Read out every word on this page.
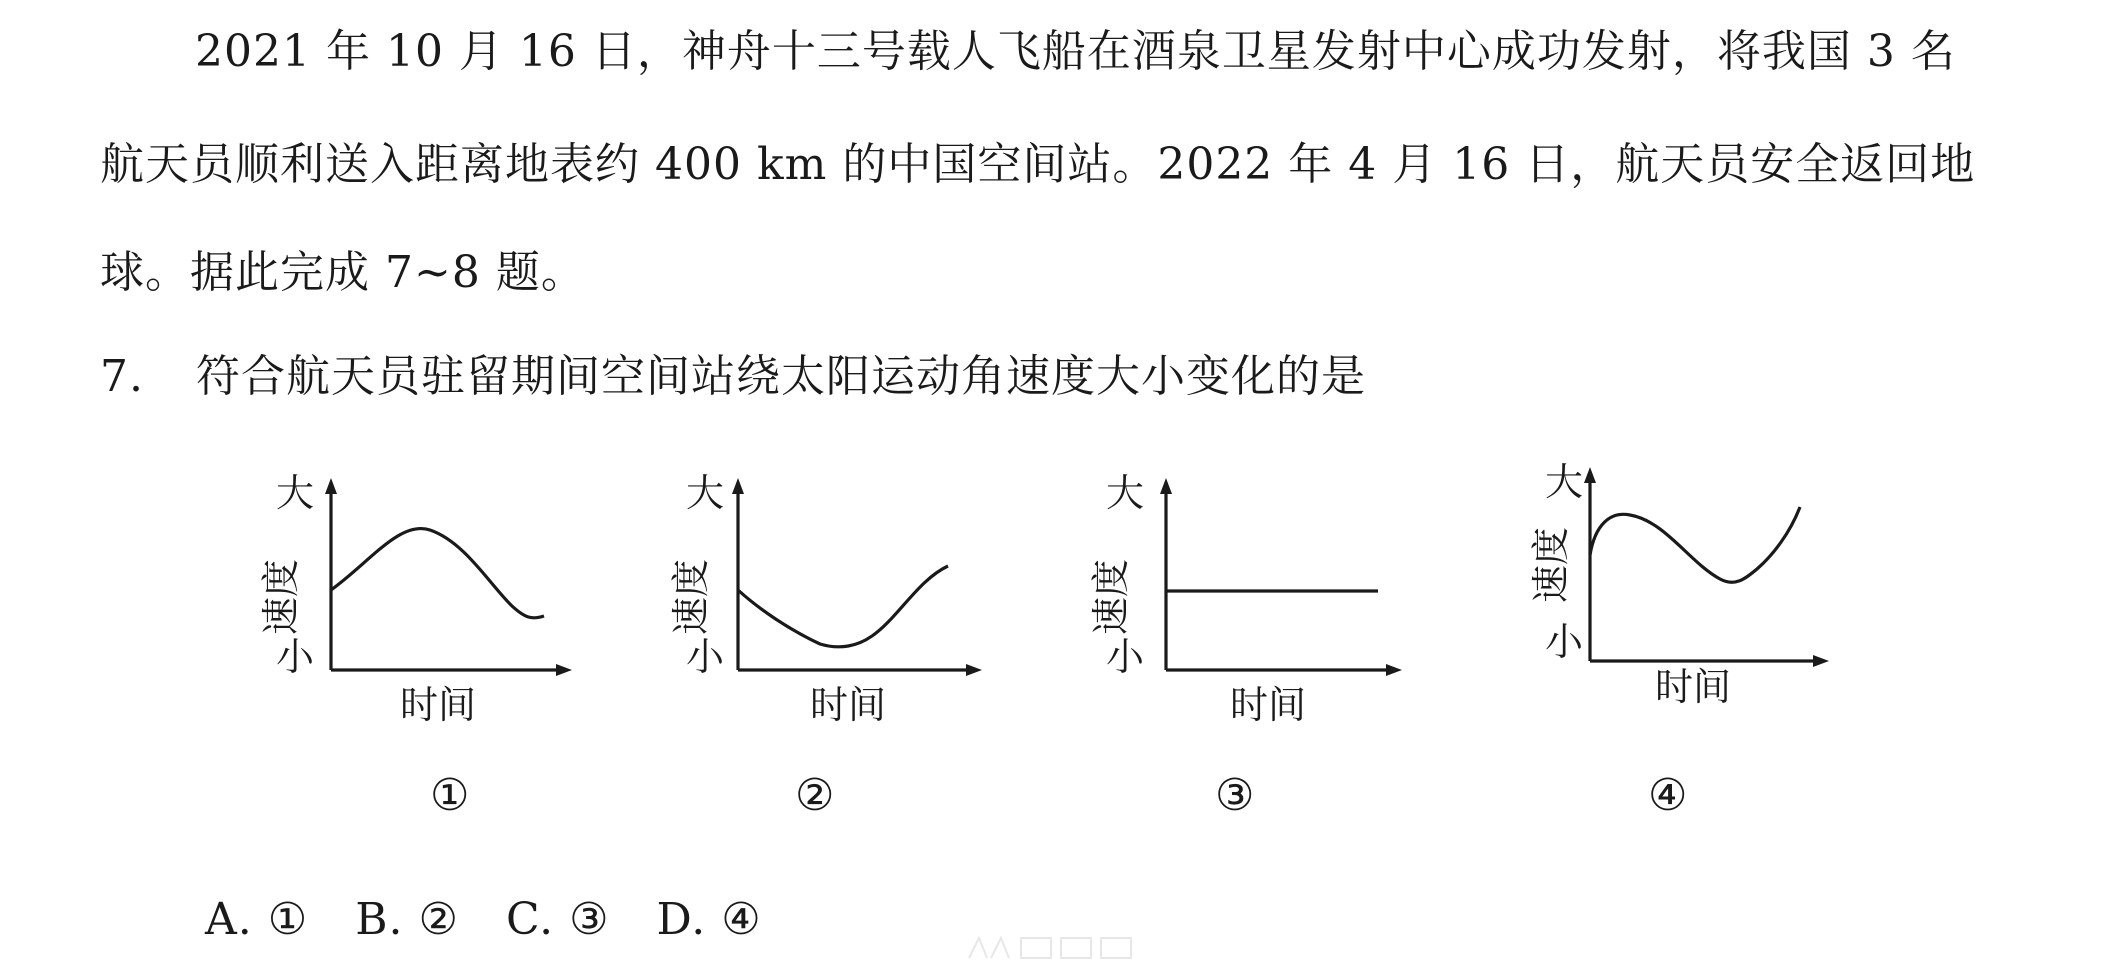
2021 年 10 月 16 日，神舟十三号载人飞船在酒泉卫星发射中心成功发射，将我国 3 名
航天员顺利送入距离地表约 400 km 的中国空间站。2022 年 4 月 16 日，航天员安全返回地
球。据此完成 7~8 题。
7. 符合航天员驻留期间空间站绕太阳运动角速度大小变化的是
大
小
速度
时间
①
大
小
速度
时间
②
大
小
速度
时间
③
大
小
速度
时间
④
A. ① B. ② C. ③ D. ④
